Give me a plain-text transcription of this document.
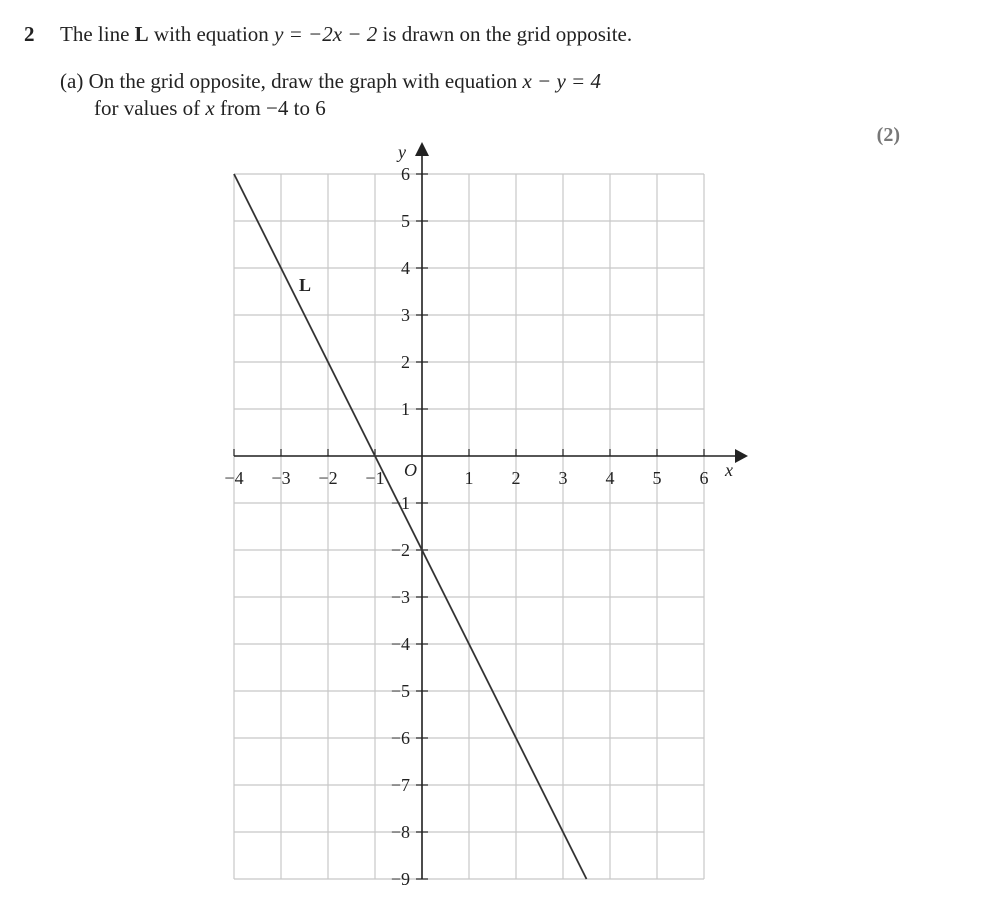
2 The line L with equation y = −2x − 2 is drawn on the grid opposite.
(a) On the grid opposite, draw the graph with equation x − y = 4
for values of x from −4 to 6
(2)
−4 −3 −2 −1	1 2 3 4 5 6
6
5
4
3
2
1
−1
−2
−3
−4
−5
−6
−7
−8
−9
x
y
O
L
